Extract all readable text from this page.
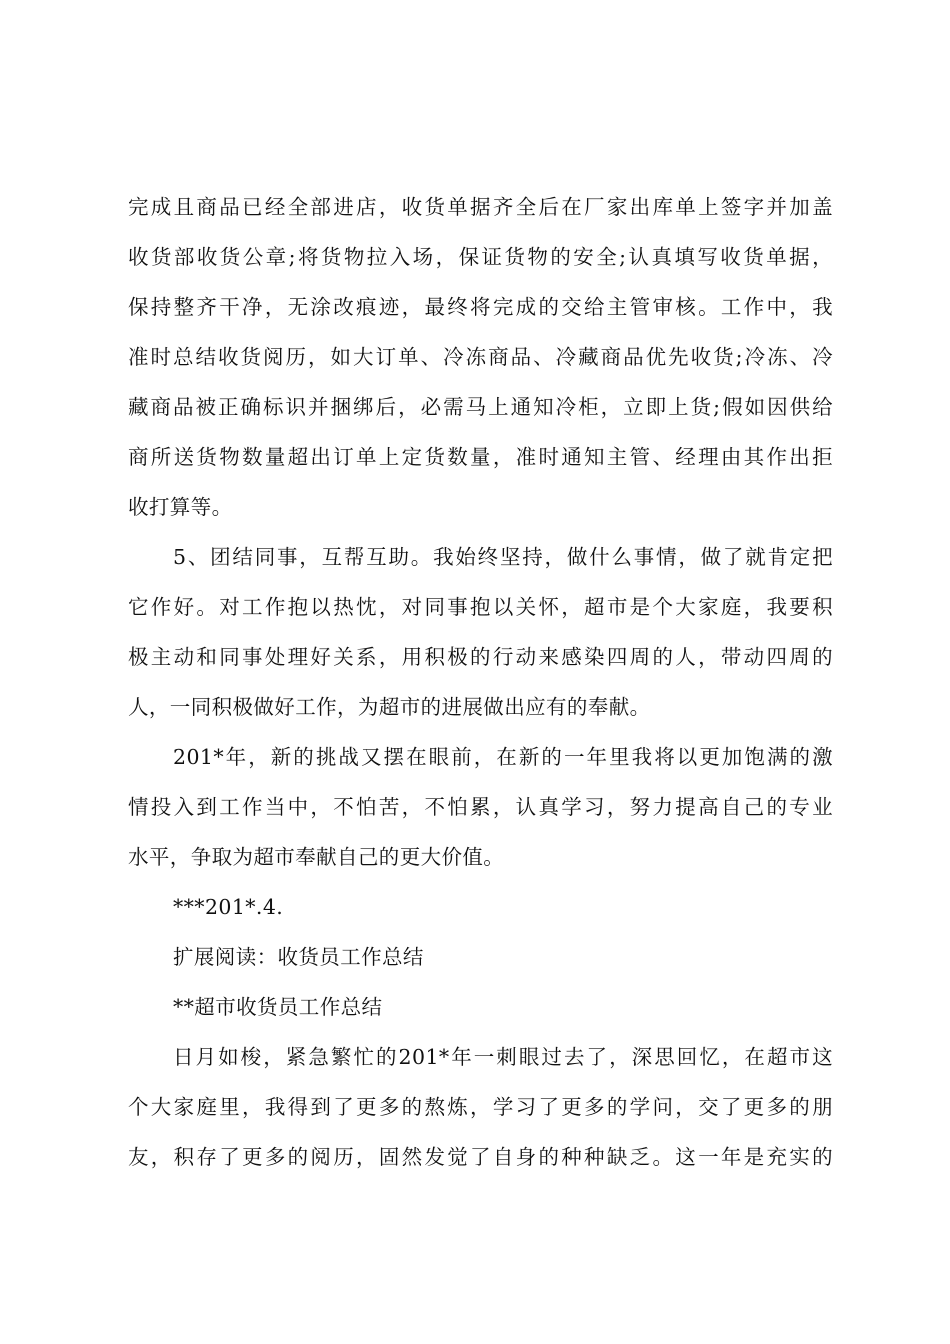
完成且商品已经全部进店，收货单据齐全后在厂家出库单上签字并加盖
收货部收货公章;将货物拉入场，保证货物的安全;认真填写收货单据，
保持整齐干净，无涂改痕迹，最终将完成的交给主管审核。工作中，我
准时总结收货阅历，如大订单、冷冻商品、冷藏商品优先收货;冷冻、冷
藏商品被正确标识并捆绑后，必需马上通知冷柜，立即上货;假如因供给
商所送货物数量超出订单上定货数量，准时通知主管、经理由其作出拒
收打算等。
5、团结同事，互帮互助。我始终坚持，做什么事情，做了就肯定把
它作好。对工作抱以热忱，对同事抱以关怀，超市是个大家庭，我要积
极主动和同事处理好关系，用积极的行动来感染四周的人，带动四周的
人，一同积极做好工作，为超市的进展做出应有的奉献。
201*年，新的挑战又摆在眼前，在新的一年里我将以更加饱满的激
情投入到工作当中，不怕苦，不怕累，认真学习，努力提高自己的专业
水平，争取为超市奉献自己的更大价值。
***201*.4.
扩展阅读：收货员工作总结
**超市收货员工作总结
日月如梭，紧急繁忙的201*年一刺眼过去了，深思回忆，在超市这
个大家庭里，我得到了更多的熬炼，学习了更多的学问，交了更多的朋
友，积存了更多的阅历，固然发觉了自身的种种缺乏。这一年是充实的
